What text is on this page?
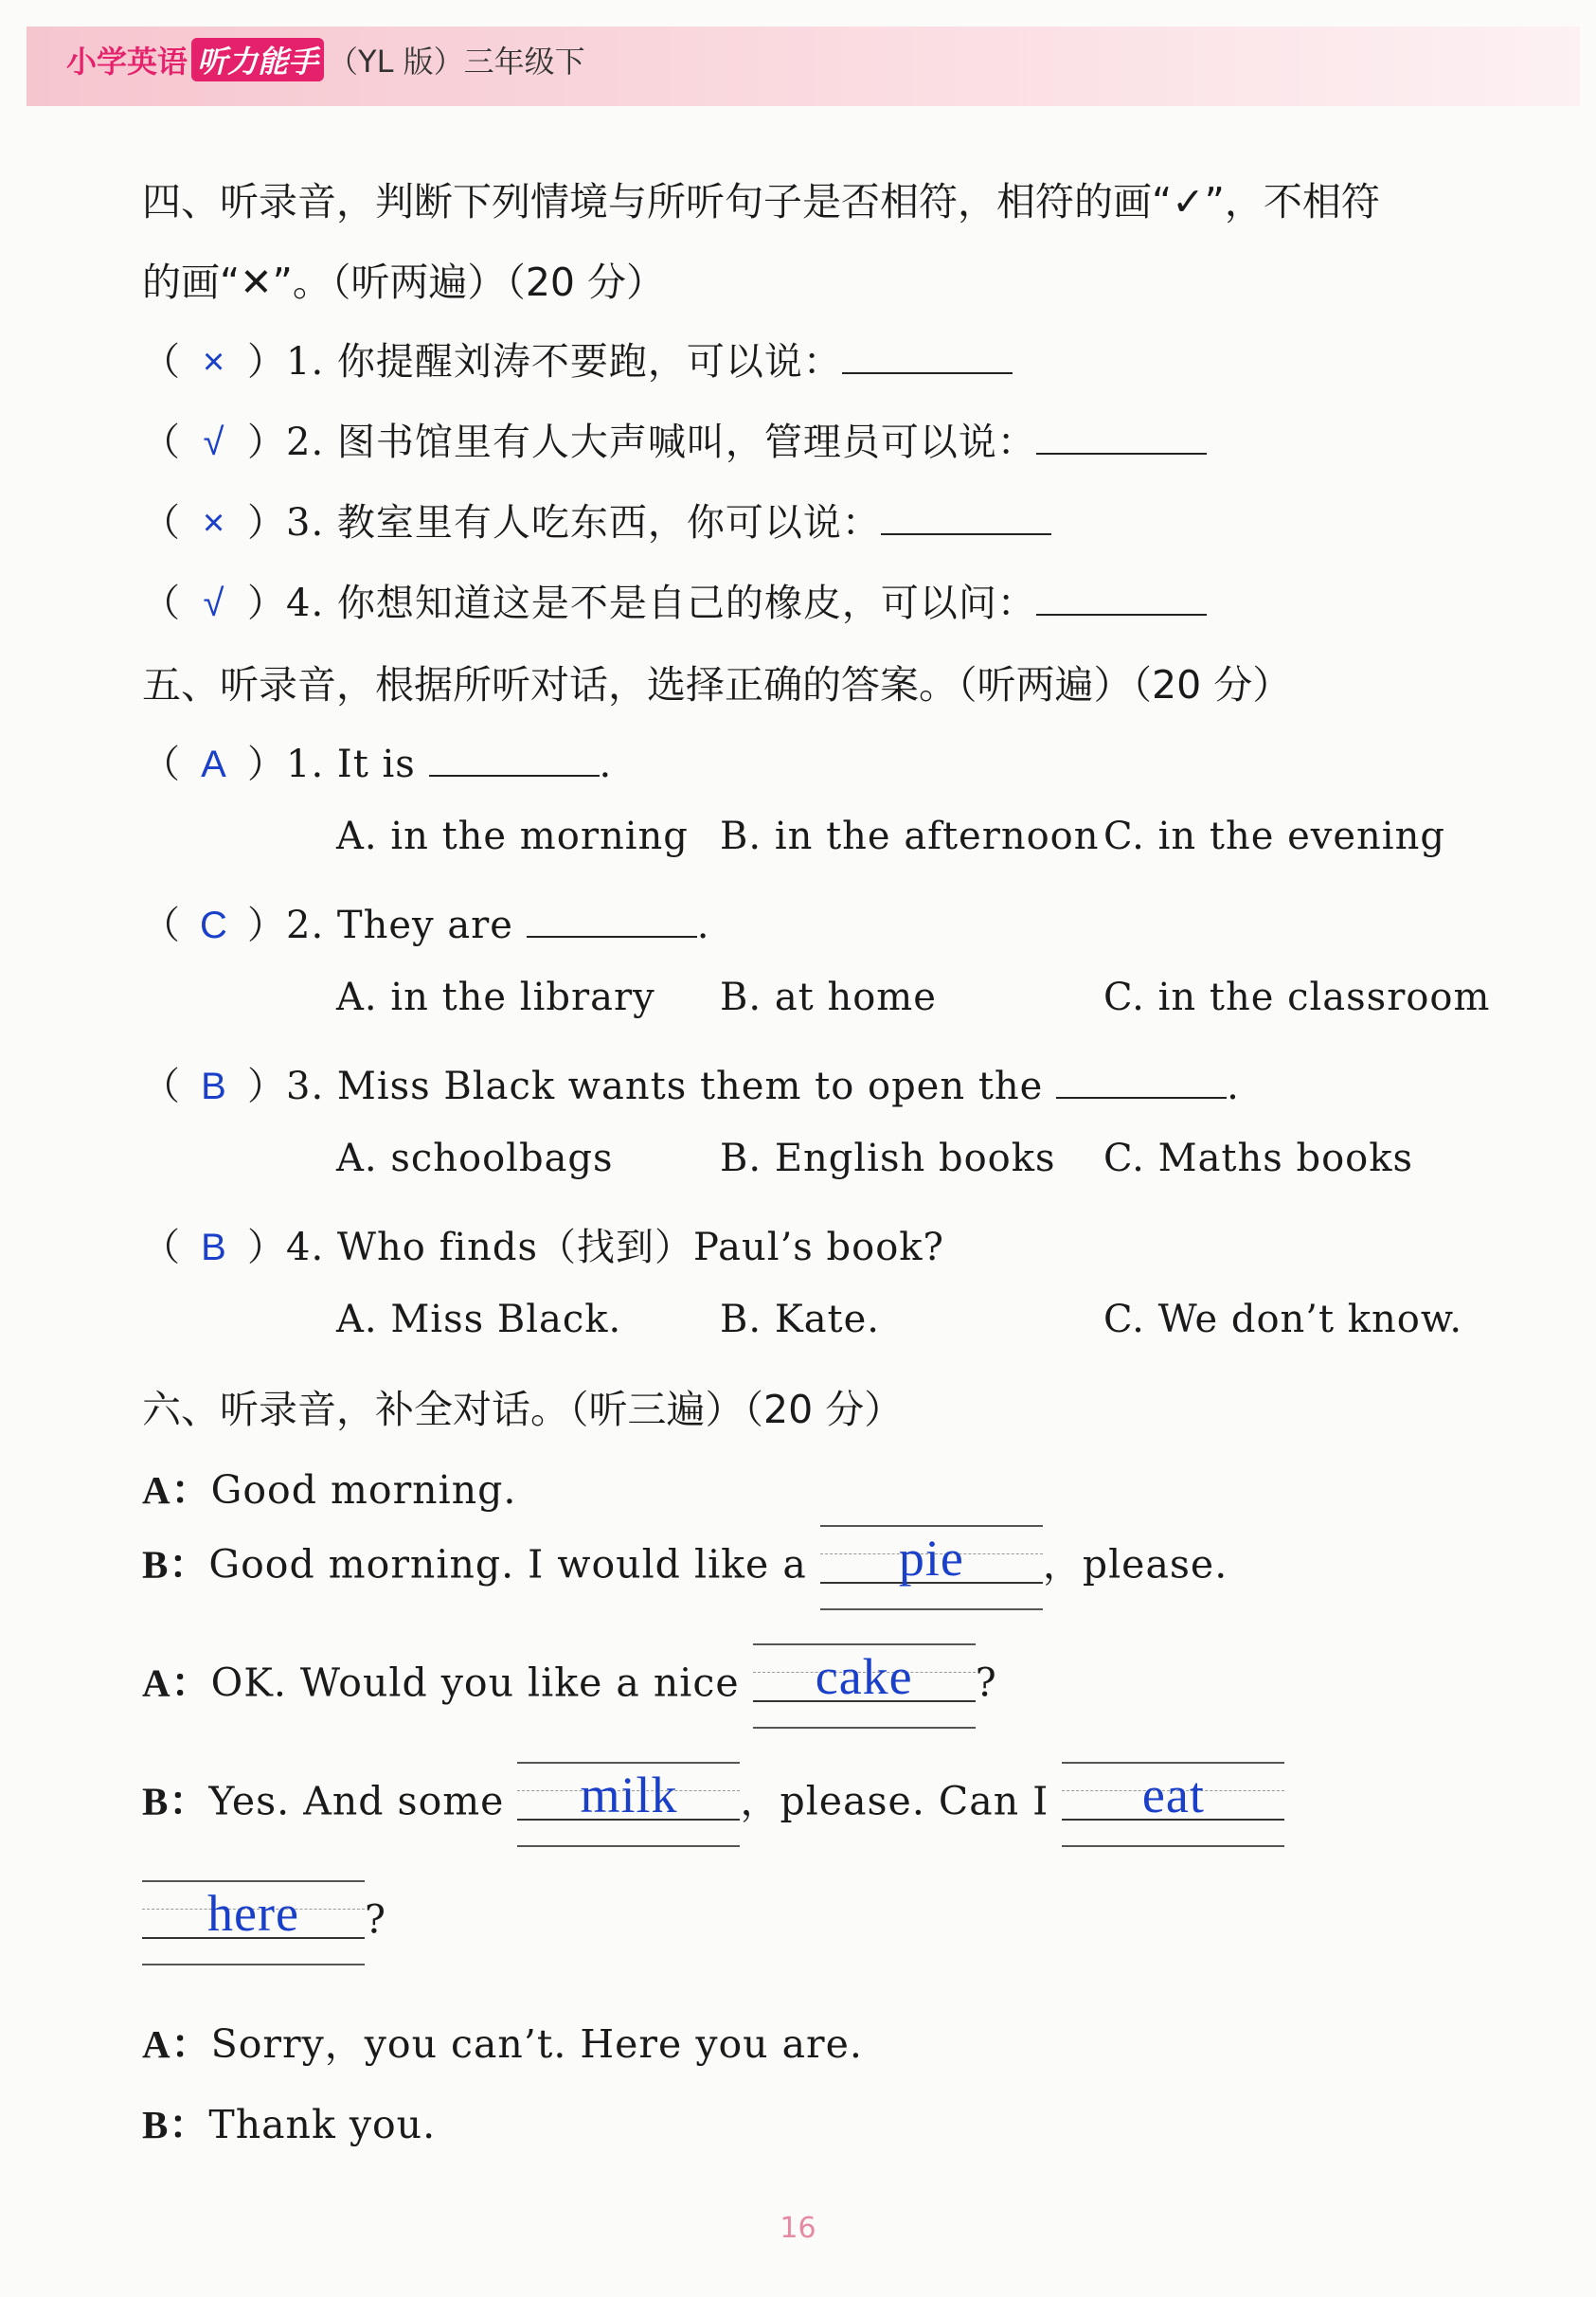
小学英语 听力能手 （YL 版）三年级下
四、听录音，判断下列情境与所听句子是否相符，相符的画“✓”，不相符
的画“✕”。（听两遍）（20 分）
（ × ）1. 你提醒刘涛不要跑，可以说：
（ √ ）2. 图书馆里有人大声喊叫，管理员可以说：
（ × ）3. 教室里有人吃东西，你可以说：
（ √ ）4. 你想知道这是不是自己的橡皮，可以问：
五、听录音，根据所听对话，选择正确的答案。（听两遍）（20 分）
（ A ）1. It is	.
A. in the morning B. in the afternoon C. in the evening
（ C ）2. They are	.
A. in the library B. at home	C. in the classroom
（ B ）3. Miss Black wants them to open the	.
A. schoolbags	B. English books C. Maths books
（ B ）4. Who finds（找到）Paul’s book?
A. Miss Black.	B. Kate.	C. We don’t know.
六、听录音，补全对话。（听三遍）（20 分）
A：Good morning.
B：Good morning. I would like a	pie	，please.
A：OK. Would you like a nice	cake	?
B：Yes. And some	milk	，please. Can I	eat
here	?
A：Sorry，you can’t. Here you are.
B：Thank you.
16
